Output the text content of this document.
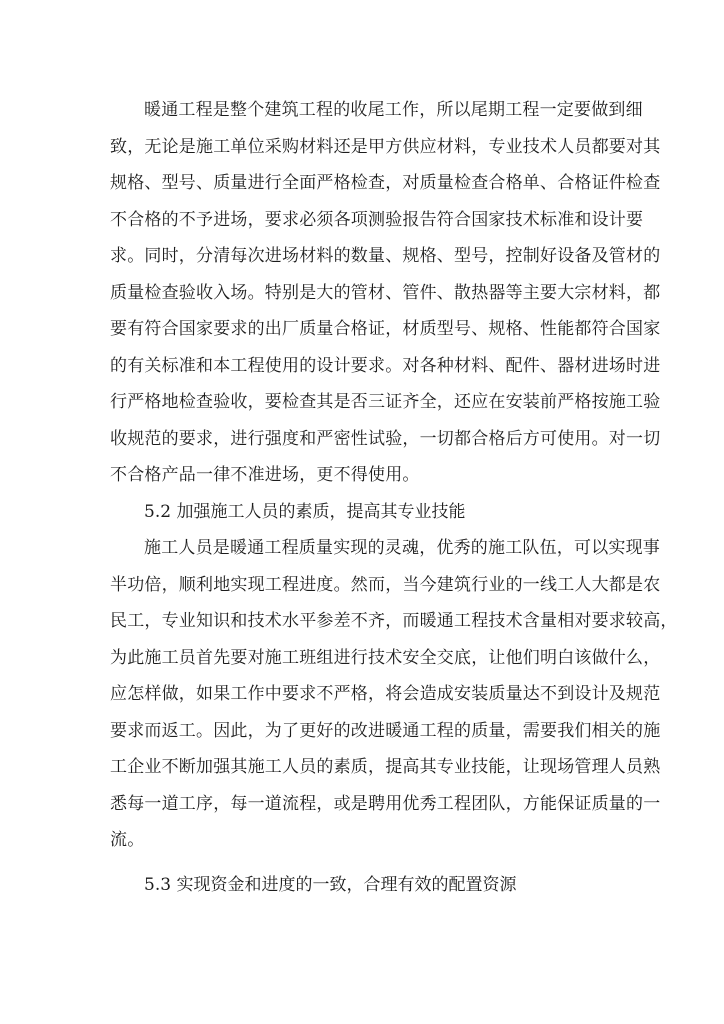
暖通工程是整个建筑工程的收尾工作，所以尾期工程一定要做到细
致，无论是施工单位采购材料还是甲方供应材料，专业技术人员都要对其
规格、型号、质量进行全面严格检查，对质量检查合格单、合格证件检查
不合格的不予进场，要求必须各项测验报告符合国家技术标准和设计要
求。同时，分清每次进场材料的数量、规格、型号，控制好设备及管材的
质量检查验收入场。特别是大的管材、管件、散热器等主要大宗材料，都
要有符合国家要求的出厂质量合格证，材质型号、规格、性能都符合国家
的有关标准和本工程使用的设计要求。对各种材料、配件、器材进场时进
行严格地检查验收，要检查其是否三证齐全，还应在安装前严格按施工验
收规范的要求，进行强度和严密性试验，一切都合格后方可使用。对一切
不合格产品一律不准进场，更不得使用。
5.2 加强施工人员的素质，提高其专业技能
施工人员是暖通工程质量实现的灵魂，优秀的施工队伍，可以实现事
半功倍，顺利地实现工程进度。然而，当今建筑行业的一线工人大都是农
民工，专业知识和技术水平参差不齐，而暖通工程技术含量相对要求较高，
为此施工员首先要对施工班组进行技术安全交底，让他们明白该做什么，
应怎样做，如果工作中要求不严格，将会造成安装质量达不到设计及规范
要求而返工。因此，为了更好的改进暖通工程的质量，需要我们相关的施
工企业不断加强其施工人员的素质，提高其专业技能，让现场管理人员熟
悉每一道工序，每一道流程，或是聘用优秀工程团队，方能保证质量的一
流。
5.3 实现资金和进度的一致，合理有效的配置资源
